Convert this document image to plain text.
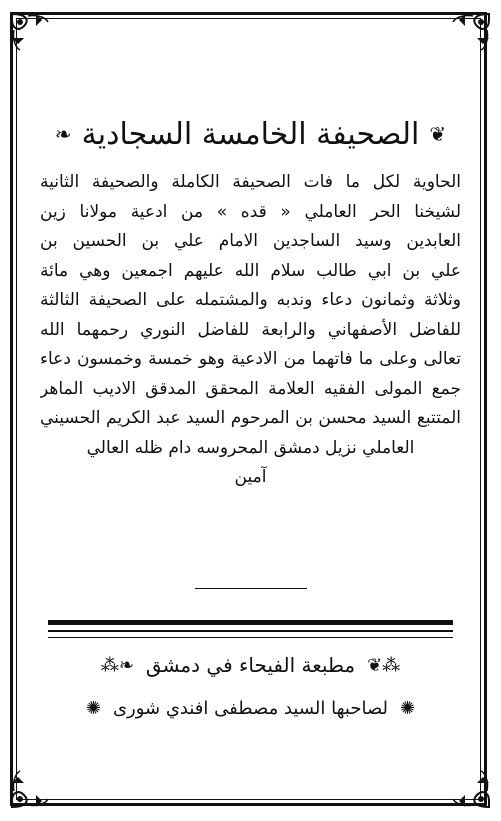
❦
الصحيفة الخامسة السجادية
❧
الحاوية لكل ما فات الصحيفة الكاملة والصحيفة الثانية
لشيخنا الحر العاملي « قده » من ادعية مولانا زين
العابدين وسيد الساجدين الامام علي بن الحسين بن
علي بن ابي طالب سلام الله عليهم اجمعين وهي مائة
وثلاثة وثمانون دعاء وندبه والمشتمله على الصحيفة الثالثة
للفاضل الأصفهاني والرابعة للفاضل النوري رحمهما الله
تعالى وعلى ما فاتهما من الادعية وهو خمسة وخمسون دعاء
جمع المولى الفقيه العلامة المحقق المدقق الاديب الماهر
المتتبع السيد محسن بن المرحوم السيد عبد الكريم الحسيني
العاملي نزيل دمشق المحروسه دام ظله العالي
آمين
⁂❦
مطبعة الفيحاء في دمشق
❧⁂
✺
لصاحبها السيد مصطفى افندي شورى
✺
